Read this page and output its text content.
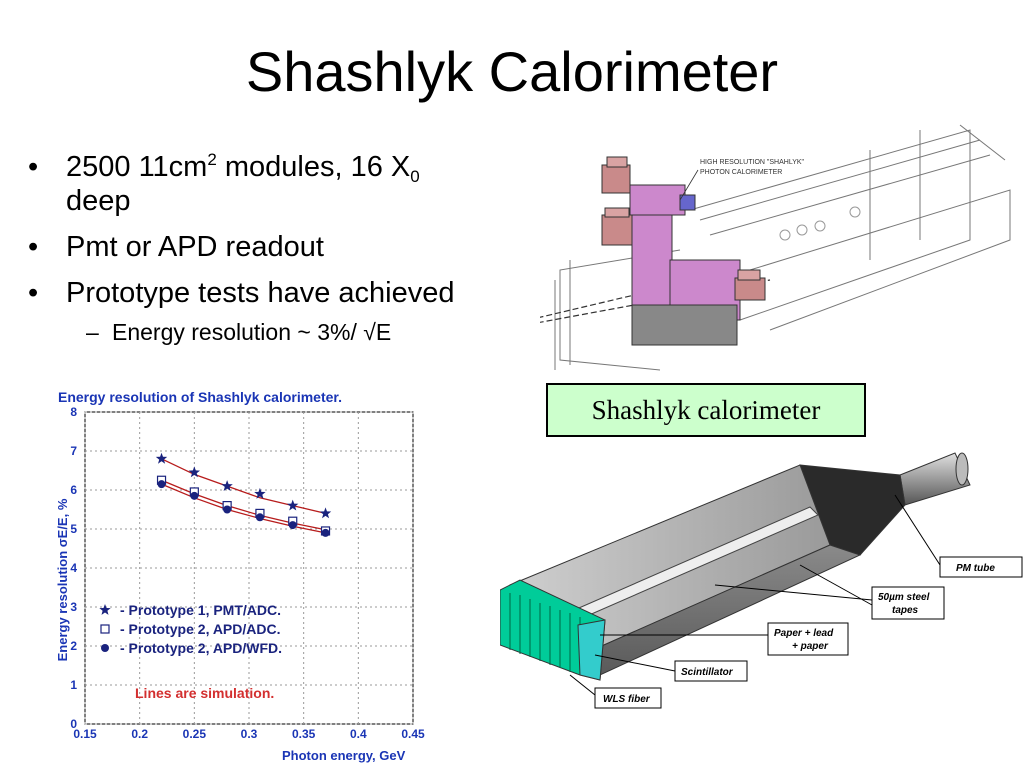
Shashlyk Calorimeter
• 2500 $11cm^2$ modules, 16 $X_0$
deep
• Pmt or APD readout
• Prototype tests have achieved
– Energy resolution ~ 3%/ √E
HIGH RESOLUTION "SHAHLYK"
PHOTON CALORIMETER
Shashlyk calorimeter
PM tube
50µm steel
tapes
Paper + lead
+ paper
Scintillator
WLS fiber
Energy resolution of Shashlyk calorimeter.
0.15	0.2	0.25	0.3	0.35	0.4	0.45
0
1
2
3
4
5
6
7
8
Photon energy, GeV
Energy resolution σE/E, %	- Prototype 1, PMT/ADC.
- Prototype 2, APD/ADC.
- Prototype 2, APD/WFD.
Lines are simulation.
